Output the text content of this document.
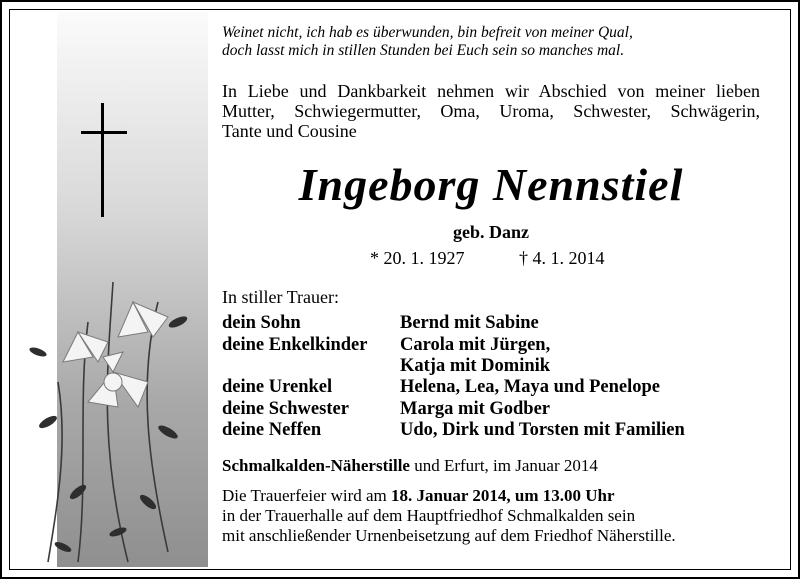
Weinet nicht, ich hab es überwunden, bin befreit von meiner Qual,
doch lasst mich in stillen Stunden bei Euch sein so manches mal.
In Liebe und Dankbarkeit nehmen wir Abschied von meiner lieben
Mutter, Schwiegermutter, Oma, Uroma, Schwester, Schwägerin,
Tante und Cousine
Ingeborg Nennstiel
geb. Danz
* 20. 1. 1927	† 4. 1. 2014
In stiller Trauer:
dein Sohn	Bernd mit Sabine
deine Enkelkinder	Carola mit Jürgen,
Katja mit Dominik
deine Urenkel	Helena, Lea, Maya und Penelope
deine Schwester	Marga mit Godber
deine Neffen	Udo, Dirk und Torsten mit Familien
Schmalkalden-Näherstille und Erfurt, im Januar 2014
Die Trauerfeier wird am 18. Januar 2014, um 13.00 Uhr
in der Trauerhalle auf dem Hauptfriedhof Schmalkalden sein
mit anschließender Urnenbeisetzung auf dem Friedhof Näherstille.
